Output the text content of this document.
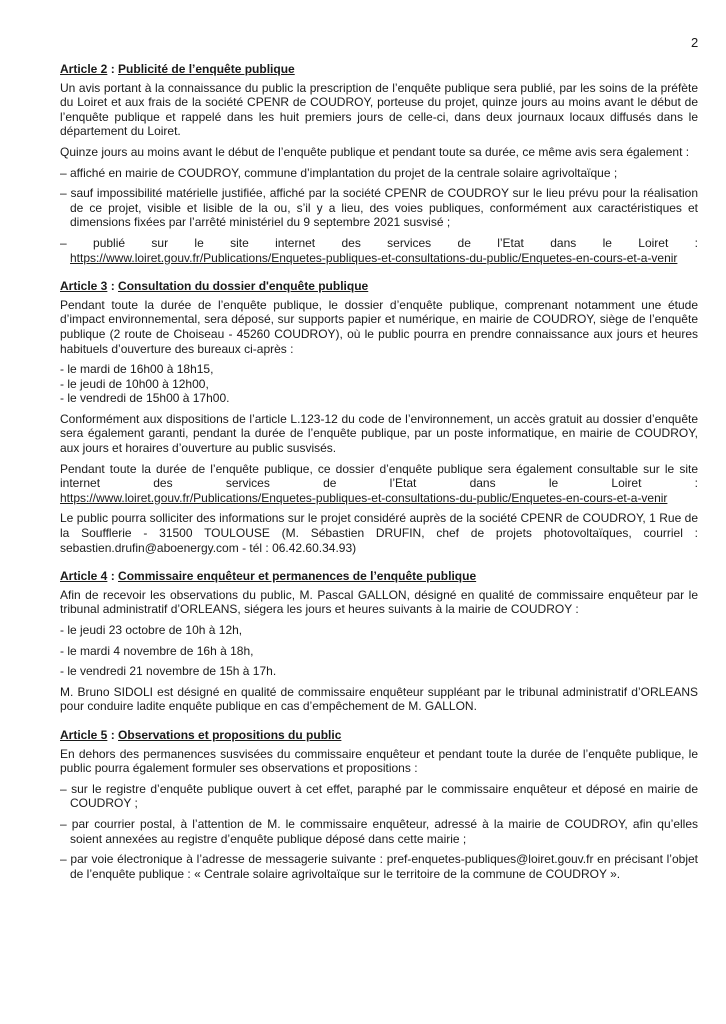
2
Article 2 : Publicité de l’enquête publique
Un avis portant à la connaissance du public la prescription de l’enquête publique sera publié, par les soins de la préfète du Loiret et aux frais de la société CPENR de COUDROY, porteuse du projet, quinze jours au moins avant le début de l’enquête publique et rappelé dans les huit premiers jours de celle-ci, dans deux journaux locaux diffusés dans le département du Loiret.
Quinze jours au moins avant le début de l’enquête publique et pendant toute sa durée, ce même avis sera également :
– affiché en mairie de COUDROY, commune d’implantation du projet de la centrale solaire agrivoltaïque ;
– sauf impossibilité matérielle justifiée, affiché par la société CPENR de COUDROY sur le lieu prévu pour la réalisation de ce projet, visible et lisible de la ou, s’il y a lieu, des voies publiques, conformément aux caractéristiques et dimensions fixées par l’arrêté ministériel du 9 septembre 2021 susvisé ;
– publié sur le site internet des services de l’Etat dans le Loiret :
https://www.loiret.gouv.fr/Publications/Enquetes-publiques-et-consultations-du-public/Enquetes-en-cours-et-a-venir
Article 3 : Consultation du dossier d'enquête publique
Pendant toute la durée de l’enquête publique, le dossier d’enquête publique, comprenant notamment une étude d’impact environnemental, sera déposé, sur supports papier et numérique, en mairie de COUDROY, siège de l’enquête publique (2 route de Choiseau - 45260 COUDROY), où le public pourra en prendre connaissance aux jours et heures habituels d’ouverture des bureaux ci-après :
- le mardi de 16h00 à 18h15,
- le jeudi de 10h00 à 12h00,
- le vendredi de 15h00 à 17h00.
Conformément aux dispositions de l’article L.123-12 du code de l’environnement, un accès gratuit au dossier d’enquête sera également garanti, pendant la durée de l’enquête publique, par un poste informatique, en mairie de COUDROY, aux jours et horaires d’ouverture au public susvisés.
Pendant toute la durée de l’enquête publique, ce dossier d’enquête publique sera également consultable sur le site internet des services de l’Etat dans le Loiret :
https://www.loiret.gouv.fr/Publications/Enquetes-publiques-et-consultations-du-public/Enquetes-en-cours-et-a-venir
Le public pourra solliciter des informations sur le projet considéré auprès de la société CPENR de COUDROY, 1 Rue de la Soufflerie - 31500 TOULOUSE (M. Sébastien DRUFIN, chef de projets photovoltaïques, courriel : sebastien.drufin@aboenergy.com - tél : 06.42.60.34.93)
Article 4 : Commissaire enquêteur et permanences de l’enquête publique
Afin de recevoir les observations du public, M. Pascal GALLON, désigné en qualité de commissaire enquêteur par le tribunal administratif d’ORLEANS, siégera les jours et heures suivants à la mairie de COUDROY :
- le jeudi 23 octobre de 10h à 12h,
- le mardi 4 novembre de 16h à 18h,
- le vendredi 21 novembre de 15h à 17h.
M. Bruno SIDOLI est désigné en qualité de commissaire enquêteur suppléant par le tribunal administratif d’ORLEANS pour conduire ladite enquête publique en cas d’empêchement de M. GALLON.
Article 5 : Observations et propositions du public
En dehors des permanences susvisées du commissaire enquêteur et pendant toute la durée de l’enquête publique, le public pourra également formuler ses observations et propositions :
– sur le registre d’enquête publique ouvert à cet effet, paraphé par le commissaire enquêteur et déposé en mairie de COUDROY ;
– par courrier postal, à l’attention de M. le commissaire enquêteur, adressé à la mairie de COUDROY, afin qu’elles soient annexées au registre d’enquête publique déposé dans cette mairie ;
– par voie électronique à l’adresse de messagerie suivante : pref-enquetes-publiques@loiret.gouv.fr en précisant l’objet de l’enquête publique : « Centrale solaire agrivoltaïque sur le territoire de la commune de COUDROY ».
